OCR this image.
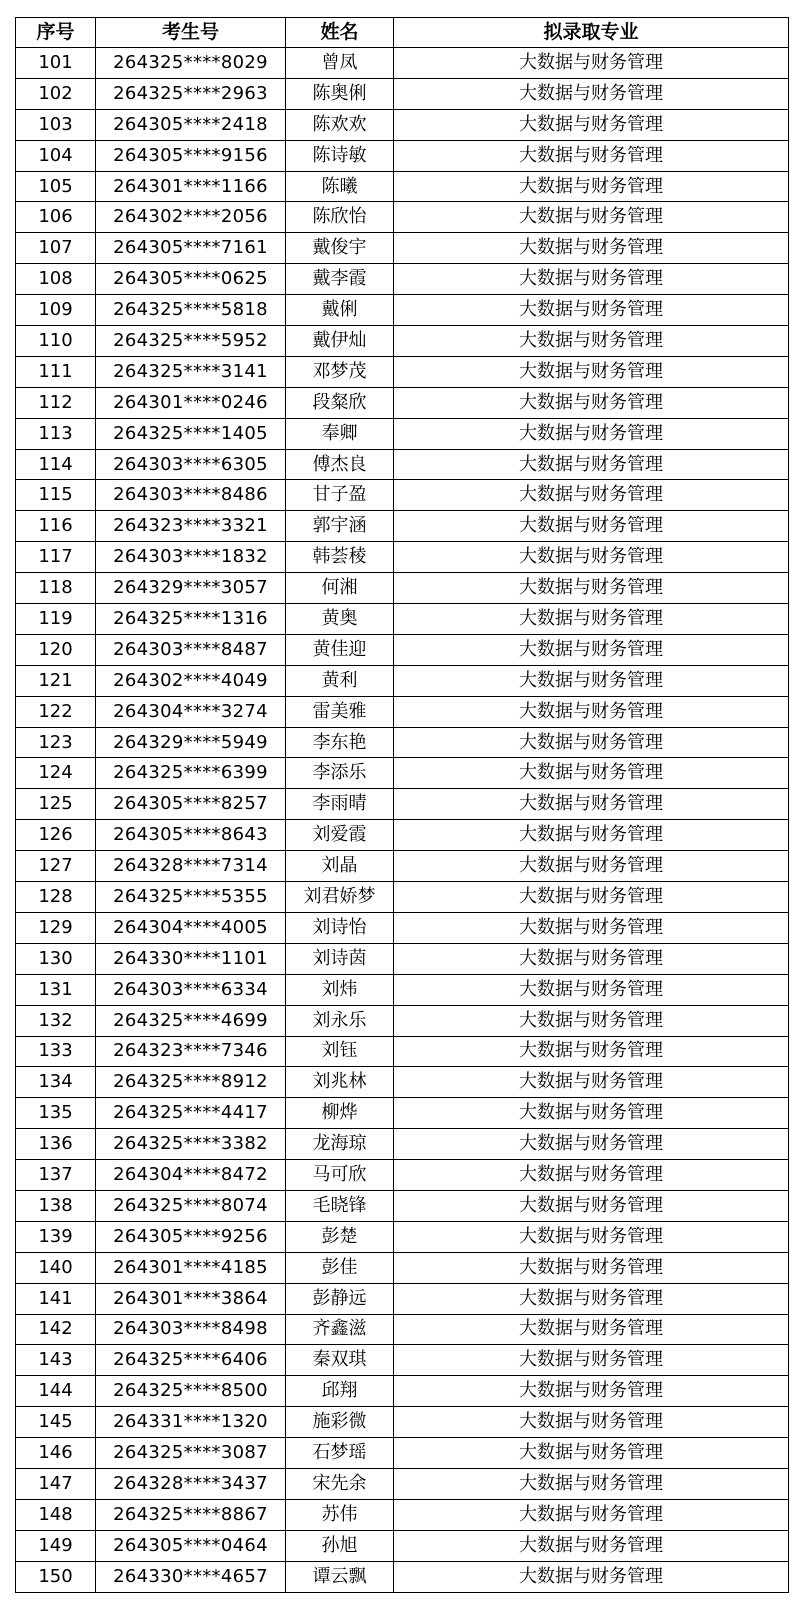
序号	考生号	姓名	拟录取专业
101	264325****8029	曾凤	大数据与财务管理
102	264325****2963	陈奥俐	大数据与财务管理
103	264305****2418	陈欢欢	大数据与财务管理
104	264305****9156	陈诗敏	大数据与财务管理
105	264301****1166	陈曦	大数据与财务管理
106	264302****2056	陈欣怡	大数据与财务管理
107	264305****7161	戴俊宇	大数据与财务管理
108	264305****0625	戴李霞	大数据与财务管理
109	264325****5818	戴俐	大数据与财务管理
110	264325****5952	戴伊灿	大数据与财务管理
111	264325****3141	邓梦茂	大数据与财务管理
112	264301****0246	段粲欣	大数据与财务管理
113	264325****1405	奉卿	大数据与财务管理
114	264303****6305	傅杰良	大数据与财务管理
115	264303****8486	甘子盈	大数据与财务管理
116	264323****3321	郭宇涵	大数据与财务管理
117	264303****1832	韩荟稜	大数据与财务管理
118	264329****3057	何湘	大数据与财务管理
119	264325****1316	黄奥	大数据与财务管理
120	264303****8487	黄佳迎	大数据与财务管理
121	264302****4049	黄利	大数据与财务管理
122	264304****3274	雷美雅	大数据与财务管理
123	264329****5949	李东艳	大数据与财务管理
124	264325****6399	李添乐	大数据与财务管理
125	264305****8257	李雨晴	大数据与财务管理
126	264305****8643	刘爱霞	大数据与财务管理
127	264328****7314	刘晶	大数据与财务管理
128	264325****5355	刘君娇梦	大数据与财务管理
129	264304****4005	刘诗怡	大数据与财务管理
130	264330****1101	刘诗茵	大数据与财务管理
131	264303****6334	刘炜	大数据与财务管理
132	264325****4699	刘永乐	大数据与财务管理
133	264323****7346	刘钰	大数据与财务管理
134	264325****8912	刘兆林	大数据与财务管理
135	264325****4417	柳烨	大数据与财务管理
136	264325****3382	龙海琼	大数据与财务管理
137	264304****8472	马可欣	大数据与财务管理
138	264325****8074	毛晓锋	大数据与财务管理
139	264305****9256	彭楚	大数据与财务管理
140	264301****4185	彭佳	大数据与财务管理
141	264301****3864	彭静远	大数据与财务管理
142	264303****8498	齐鑫滋	大数据与财务管理
143	264325****6406	秦双琪	大数据与财务管理
144	264325****8500	邱翔	大数据与财务管理
145	264331****1320	施彩微	大数据与财务管理
146	264325****3087	石梦瑶	大数据与财务管理
147	264328****3437	宋先余	大数据与财务管理
148	264325****8867	苏伟	大数据与财务管理
149	264305****0464	孙旭	大数据与财务管理
150	264330****4657	谭云飘	大数据与财务管理
